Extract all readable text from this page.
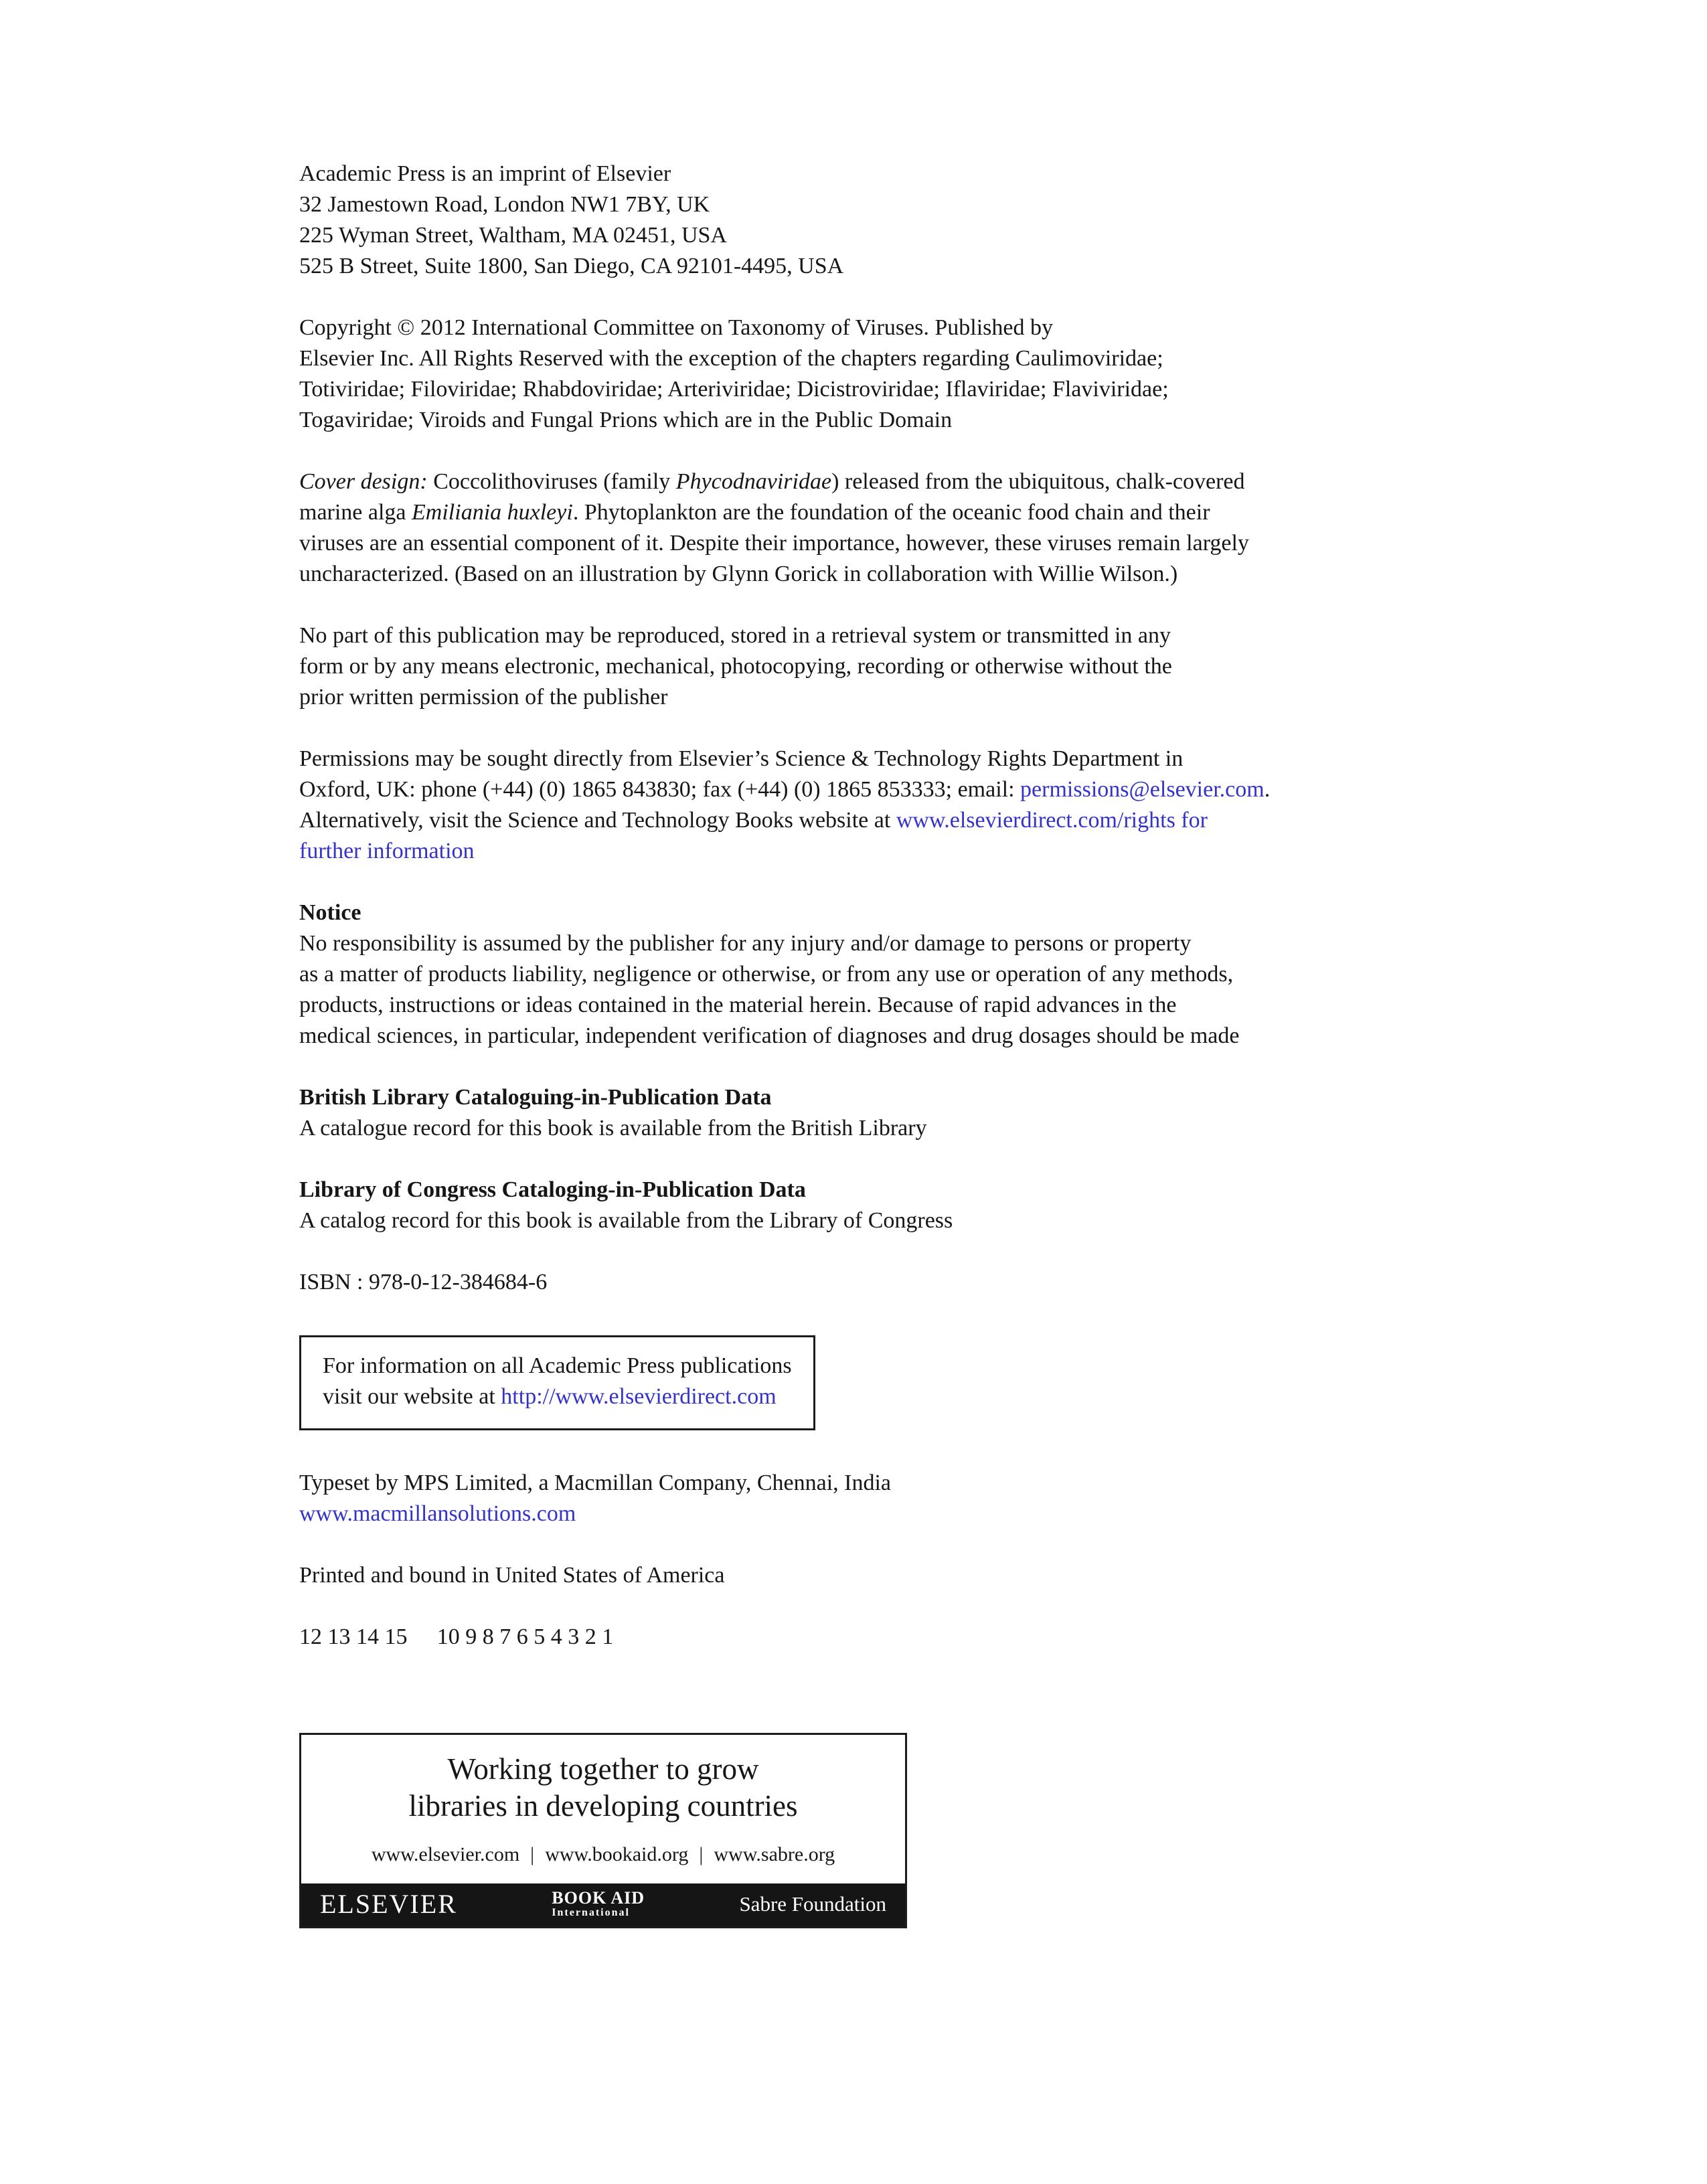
Academic Press is an imprint of Elsevier
32 Jamestown Road, London NW1 7BY, UK
225 Wyman Street, Waltham, MA 02451, USA
525 B Street, Suite 1800, San Diego, CA 92101-4495, USA

Copyright © 2012 International Committee on Taxonomy of Viruses. Published by
Elsevier Inc. All Rights Reserved with the exception of the chapters regarding Caulimoviridae;
Totiviridae; Filoviridae; Rhabdoviridae; Arteriviridae; Dicistroviridae; Iflaviridae; Flaviviridae;
Togaviridae; Viroids and Fungal Prions which are in the Public Domain

Cover design: Coccolithoviruses (family Phycodnaviridae) released from the ubiquitous, chalk-covered
marine alga Emiliania huxleyi. Phytoplankton are the foundation of the oceanic food chain and their
viruses are an essential component of it. Despite their importance, however, these viruses remain largely
uncharacterized. (Based on an illustration by Glynn Gorick in collaboration with Willie Wilson.)

No part of this publication may be reproduced, stored in a retrieval system or transmitted in any
form or by any means electronic, mechanical, photocopying, recording or otherwise without the
prior written permission of the publisher

Permissions may be sought directly from Elsevier’s Science & Technology Rights Department in
Oxford, UK: phone (+44) (0) 1865 843830; fax (+44) (0) 1865 853333; email: permissions@elsevier.com.
Alternatively, visit the Science and Technology Books website at www.elsevierdirect.com/rights for
further information

Notice
No responsibility is assumed by the publisher for any injury and/or damage to persons or property
as a matter of products liability, negligence or otherwise, or from any use or operation of any methods,
products, instructions or ideas contained in the material herein. Because of rapid advances in the
medical sciences, in particular, independent verification of diagnoses and drug dosages should be made

British Library Cataloguing-in-Publication Data
A catalogue record for this book is available from the British Library

Library of Congress Cataloging-in-Publication Data
A catalog record for this book is available from the Library of Congress

ISBN : 978-0-12-384684-6

For information on all Academic Press publications
visit our website at http://www.elsevierdirect.com

Typeset by MPS Limited, a Macmillan Company, Chennai, India
www.macmillansolutions.com

Printed and bound in United States of America

12 13 14 15 10 9 8 7 6 5 4 3 2 1

Working together to grow
libraries in developing countries
www.elsevier.com | www.bookaid.org | www.sabre.org
ELSEVIER	BOOK AID
International	Sabre Foundation
